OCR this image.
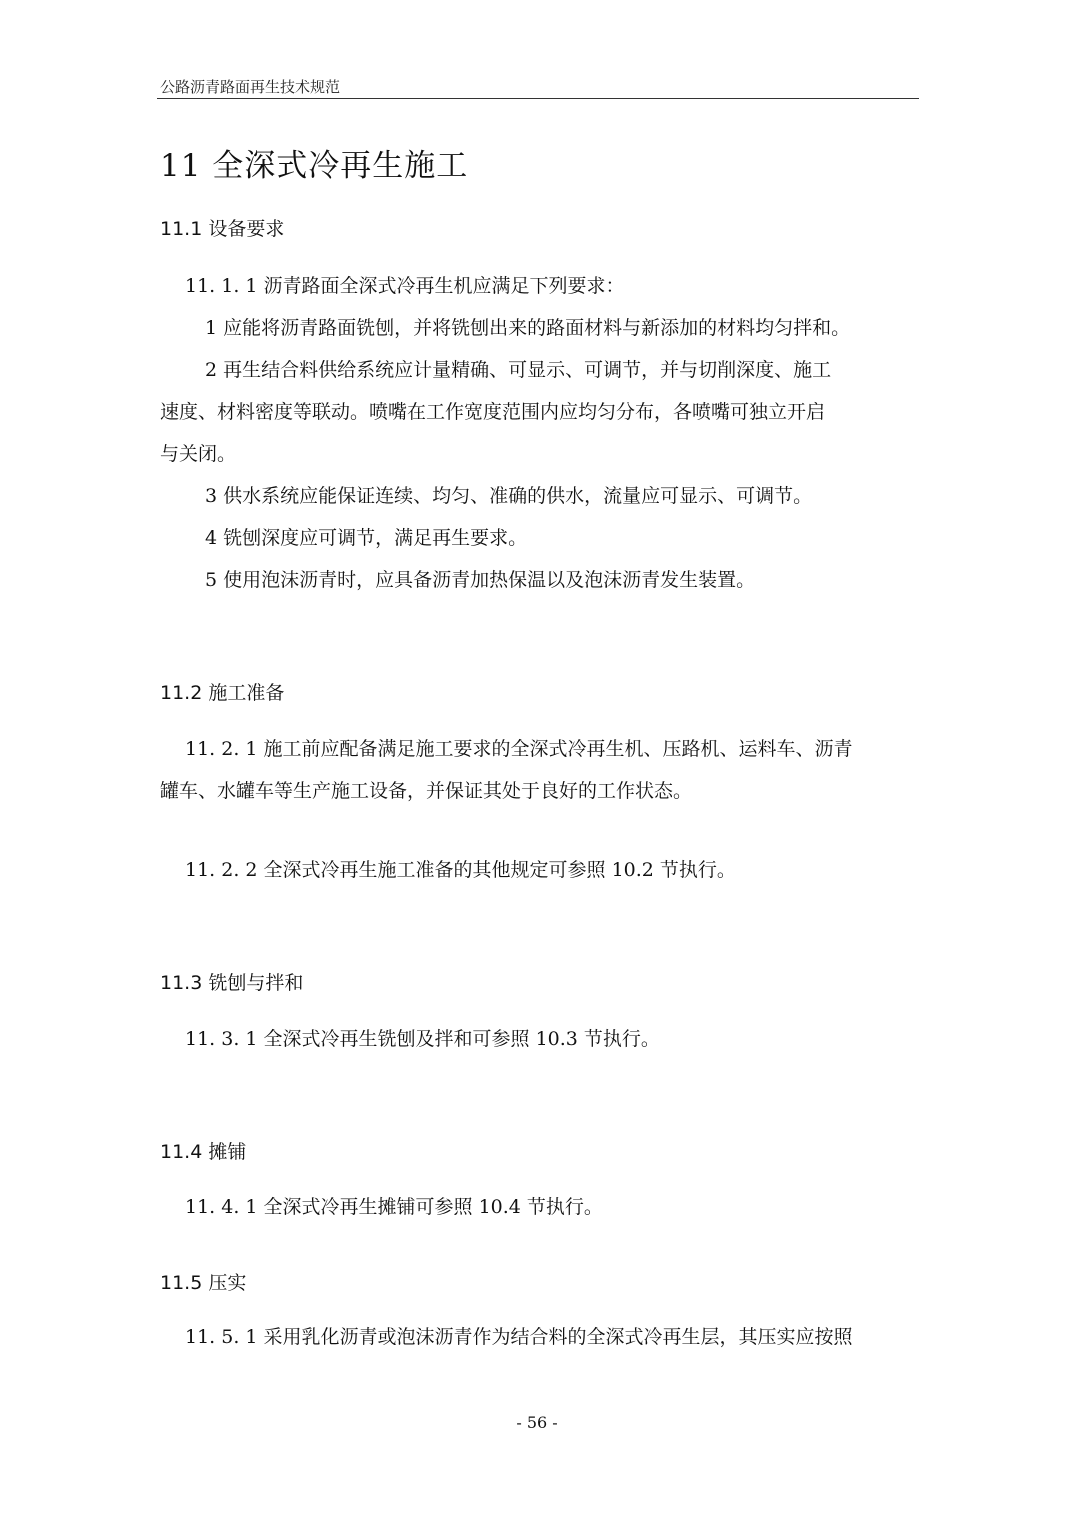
公路沥青路面再生技术规范
11 全深式冷再生施工
11.1 设备要求
11. 1. 1 沥青路面全深式冷再生机应满足下列要求：
1 应能将沥青路面铣刨，并将铣刨出来的路面材料与新添加的材料均匀拌和。
2 再生结合料供给系统应计量精确、可显示、可调节，并与切削深度、施工
速度、材料密度等联动。喷嘴在工作宽度范围内应均匀分布，各喷嘴可独立开启
与关闭。
3 供水系统应能保证连续、均匀、准确的供水，流量应可显示、可调节。
4 铣刨深度应可调节，满足再生要求。
5 使用泡沫沥青时，应具备沥青加热保温以及泡沫沥青发生装置。
11.2 施工准备
11. 2. 1 施工前应配备满足施工要求的全深式冷再生机、压路机、运料车、沥青
罐车、水罐车等生产施工设备，并保证其处于良好的工作状态。
11. 2. 2 全深式冷再生施工准备的其他规定可参照 10.2 节执行。
11.3 铣刨与拌和
11. 3. 1 全深式冷再生铣刨及拌和可参照 10.3 节执行。
11.4 摊铺
11. 4. 1 全深式冷再生摊铺可参照 10.4 节执行。
11.5 压实
11. 5. 1 采用乳化沥青或泡沫沥青作为结合料的全深式冷再生层，其压实应按照
- 56 -
